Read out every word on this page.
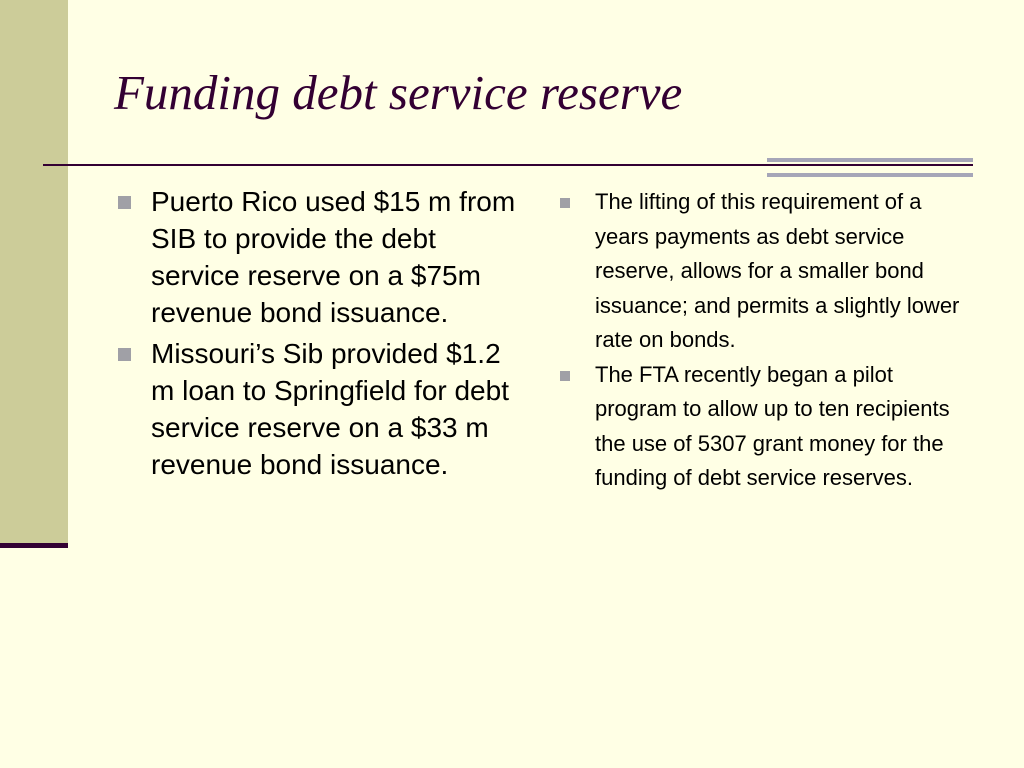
Funding debt service reserve
Puerto Rico used $15 m from SIB to provide the debt service reserve on a $75m revenue bond issuance.
Missouri’s Sib provided $1.2 m loan to Springfield for debt service reserve on a $33 m revenue bond issuance.
The lifting of this requirement of a years payments as debt service reserve, allows for a smaller bond issuance; and permits a slightly lower rate on bonds.
The FTA recently began a pilot program to allow up to ten recipients the use of 5307 grant money for the funding of debt service reserves.
